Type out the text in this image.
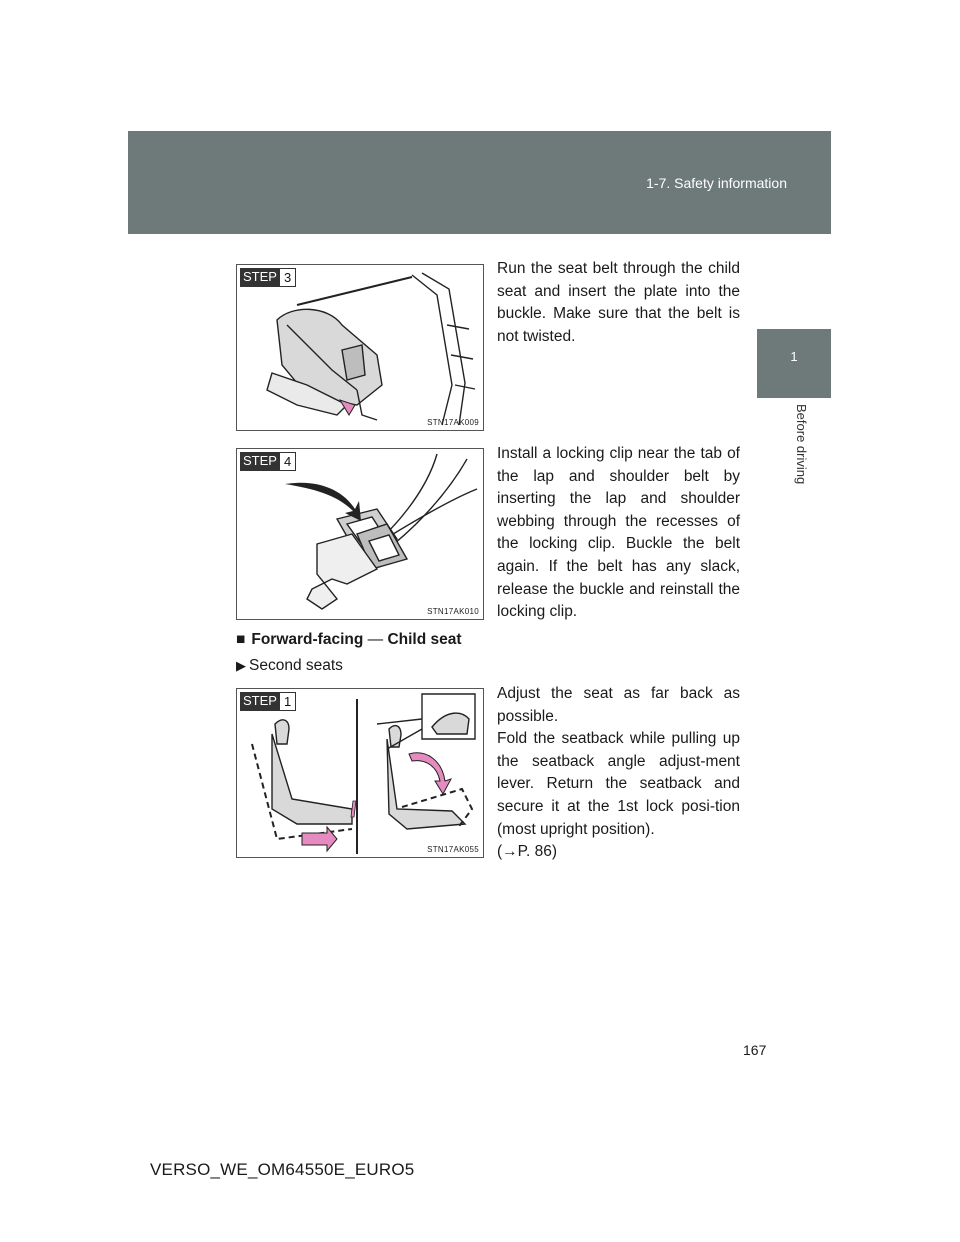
1-7. Safety information
1
Before driving
STEP 3
STN17AK009

Run the seat belt through the child seat and insert the plate into the buckle. Make sure that the belt is not twisted.

STEP 4
STN17AK010

Install a locking clip near the tab of the lap and shoulder belt by inserting the lap and shoulder webbing through the recesses of the locking clip. Buckle the belt again. If the belt has any slack, release the buckle and reinstall the locking clip.

■ Forward-facing — Child seat
▶ Second seats
STEP 1
STN17AK055

Adjust the seat as far back as possible.

Fold the seatback while pulling up the seatback angle adjust-ment lever. Return the seatback and secure it at the 1st lock posi-tion (most upright position).

(→P. 86)

167
VERSO_WE_OM64550E_EURO5
